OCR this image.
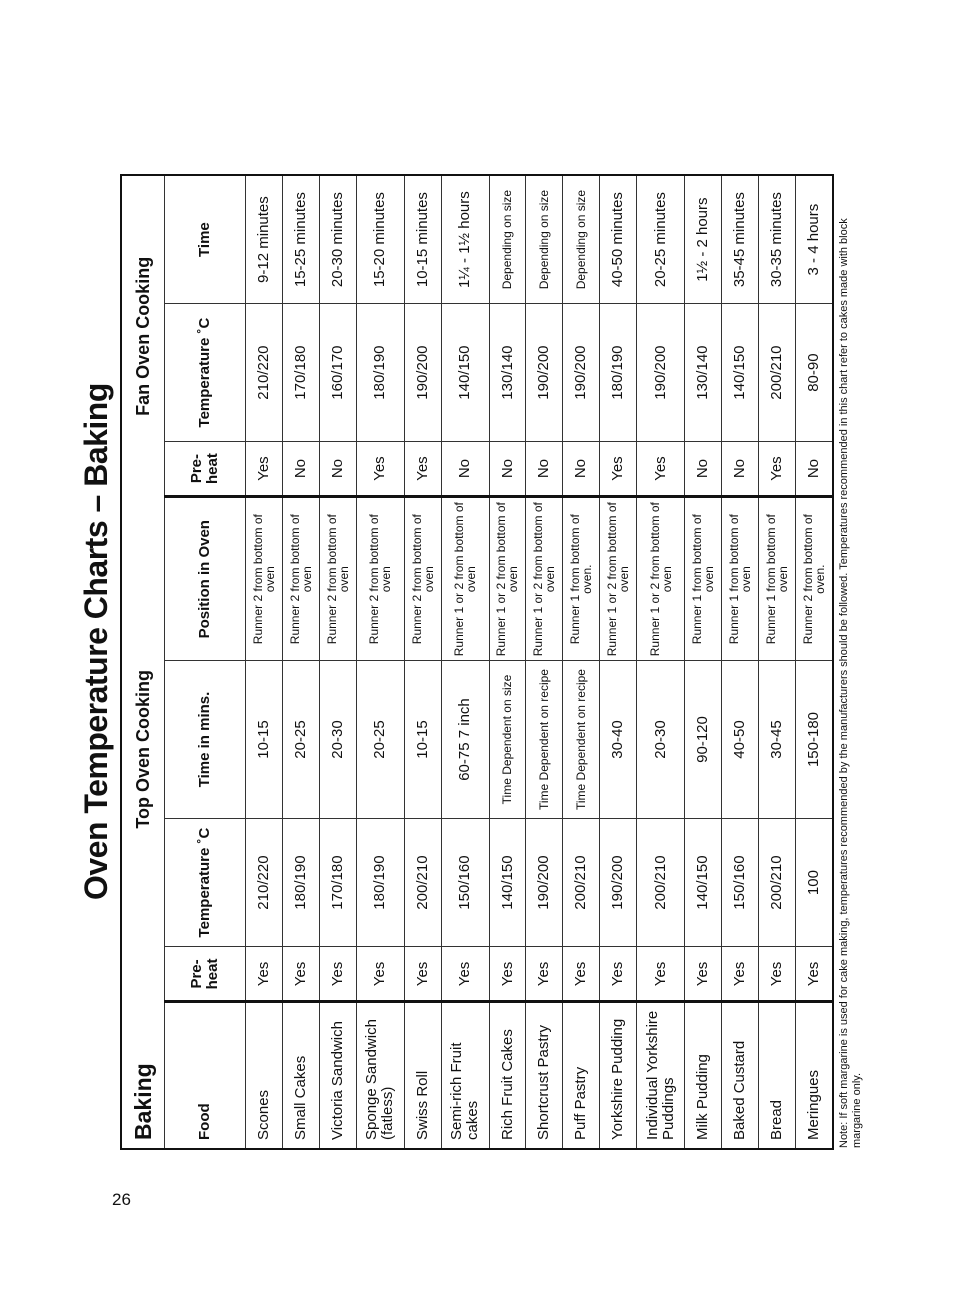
26
Oven Temperature Charts – Baking
Baking	Top Oven Cooking				Fan Oven Cooking		
Food	Pre-heat	Temperature ˚C	Time in mins.	Position in Oven	Pre-heat	Temperature ˚C	Time
Scones	Yes	210/220	10-15	Runner 2 from bottom of oven	Yes	210/220	9-12 minutes
Small Cakes	Yes	180/190	20-25	Runner 2 from bottom of oven	No	170/180	15-25 minutes
Victoria Sandwich	Yes	170/180	20-30	Runner 2 from bottom of oven	No	160/170	20-30 minutes
Sponge Sandwich (fatless)	Yes	180/190	20-25	Runner 2 from bottom of oven	Yes	180/190	15-20 minutes
Swiss Roll	Yes	200/210	10-15	Runner 2 from bottom of oven	Yes	190/200	10-15 minutes
Semi-rich Fruit cakes	Yes	150/160	60-75 7 inch	Runner 1 or 2 from bottom of oven	No	140/150	1¼ - 1½ hours
Rich Fruit Cakes	Yes	140/150	Time Dependent on size	Runner 1 or 2 from bottom of oven	No	130/140	Depending on size
Shortcrust Pastry	Yes	190/200	Time Dependent on recipe	Runner 1 or 2 from bottom of oven	No	190/200	Depending on size
Puff Pastry	Yes	200/210	Time Dependent on recipe	Runner 1 from bottom of oven.	No	190/200	Depending on size
Yorkshire Pudding	Yes	190/200	30-40	Runner 1 or 2 from bottom of oven	Yes	180/190	40-50 minutes
Individual Yorkshire Puddings	Yes	200/210	20-30	Runner 1 or 2 from bottom of oven	Yes	190/200	20-25 minutes
Milk Pudding	Yes	140/150	90-120	Runner 1 from bottom of oven	No	130/140	1½ - 2 hours
Baked Custard	Yes	150/160	40-50	Runner 1 from bottom of oven	No	140/150	35-45 minutes
Bread	Yes	200/210	30-45	Runner 1 from bottom of oven	Yes	200/210	30-35 minutes
Meringues	Yes	100	150-180	Runner 2 from bottom of oven.	No	80-90	3 - 4 hours Note: If soft margarine is used for cake making, temperatures recommended by the manufacturers should be followed. Temperatures recommended in this chart refer to cakes made with block margarine only.
